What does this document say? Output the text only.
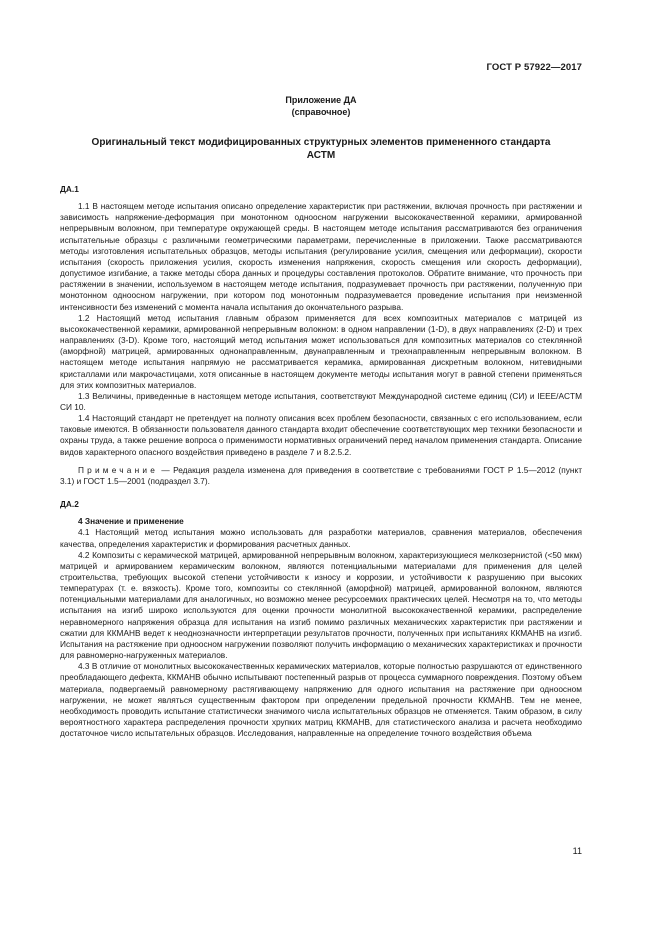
ГОСТ Р 57922—2017
Приложение ДА
(справочное)
Оригинальный текст модифицированных структурных элементов примененного стандарта
АСТМ
ДА.1

1.1 В настоящем методе испытания описано определение характеристик при растяжении, включая прочность при растяжении и зависимость напряжение-деформация при монотонном одноосном нагружении высококачественной керамики, армированной непрерывным волокном, при температуре окружающей среды. В настоящем методе испытания рассматриваются без ограничения испытательные образцы с различными геометрическими параметрами, перечисленные в приложении. Также рассматриваются методы изготовления испытательных образцов, методы испытания (регулирование усилия, смещения или деформации), скорости испытания (скорость приложения усилия, скорость изменения напряжения, скорость смещения или скорость деформации), допустимое изгибание, а также методы сбора данных и процедуры составления протоколов. Обратите внимание, что прочность при растяжении в значении, используемом в настоящем методе испытания, подразумевает прочность при растяжении, полученную при монотонном одноосном нагружении, при котором под монотонным подразумевается проведение испытания при неизменной интенсивности без изменений с момента начала испытания до окончательного разрыва.

1.2 Настоящий метод испытания главным образом применяется для всех композитных материалов с матрицей из высококачественной керамики, армированной непрерывным волокном: в одном направлении (1-D), в двух направлениях (2-D) и трех направлениях (3-D). Кроме того, настоящий метод испытания может использоваться для композитных материалов со стеклянной (аморфной) матрицей, армированных однонаправленным, двунаправленным и трехнаправленным непрерывным волокном. В настоящем методе испытания напрямую не рассматривается керамика, армированная дискретным волокном, нитевидными кристаллами или макрочастицами, хотя описанные в настоящем документе методы испытания могут в равной степени применяться для этих композитных материалов.

1.3 Величины, приведенные в настоящем методе испытания, соответствуют Международной системе единиц (СИ) и IEEE/ACTM СИ 10.

1.4 Настоящий стандарт не претендует на полноту описания всех проблем безопасности, связанных с его использованием, если таковые имеются. В обязанности пользователя данного стандарта входит обеспечение соответствующих мер техники безопасности и охраны труда, а также решение вопроса о применимости нормативных ограничений перед началом применения стандарта. Описание видов характерного опасного воздействия приведено в разделе 7 и 8.2.5.2.

Примечание — Редакция раздела изменена для приведения в соответствие с требованиями ГОСТ Р 1.5—2012 (пункт 3.1) и ГОСТ 1.5—2001 (подраздел 3.7).

ДА.2
4 Значение и применение

4.1 Настоящий метод испытания можно использовать для разработки материалов, сравнения материалов, обеспечения качества, определения характеристик и формирования расчетных данных.

4.2 Композиты с керамической матрицей, армированной непрерывным волокном, характеризующиеся мелкозернистой (<50 мкм) матрицей и армированием керамическим волокном, являются потенциальными материалами для применения для целей строительства, требующих высокой степени устойчивости к износу и коррозии, и устойчивости к разрушению при высоких температурах (т. е. вязкость). Кроме того, композиты со стеклянной (аморфной) матрицей, армированной волокном, являются потенциальными материалами для аналогичных, но возможно менее ресурсоемких практических целей. Несмотря на то, что методы испытания на изгиб широко используются для оценки прочности монолитной высококачественной керамики, распределение неравномерного напряжения образца для испытания на изгиб помимо различных механических характеристик при растяжении и сжатии для ККМАНВ ведет к неоднозначности интерпретации результатов прочности, полученных при испытаниях ККМАНВ на изгиб. Испытания на растяжение при одноосном нагружении позволяют получить информацию о механических характеристиках и прочности для равномерно-нагруженных материалов.

4.3 В отличие от монолитных высококачественных керамических материалов, которые полностью разрушаются от единственного преобладающего дефекта, ККМАНВ обычно испытывают постепенный разрыв от процесса суммарного повреждения. Поэтому объем материала, подвергаемый равномерному растягивающему напряжению для одного испытания на растяжение при одноосном нагружении, не может являться существенным фактором при определении предельной прочности ККМАНВ. Тем не менее, необходимость проводить испытание статистически значимого числа испытательных образцов не отменяется. Таким образом, в силу вероятностного характера распределения прочности хрупких матриц ККМАНВ, для статистического анализа и расчета необходимо достаточное число испытательных образцов. Исследования, направленные на определение точного воздействия объема

11
